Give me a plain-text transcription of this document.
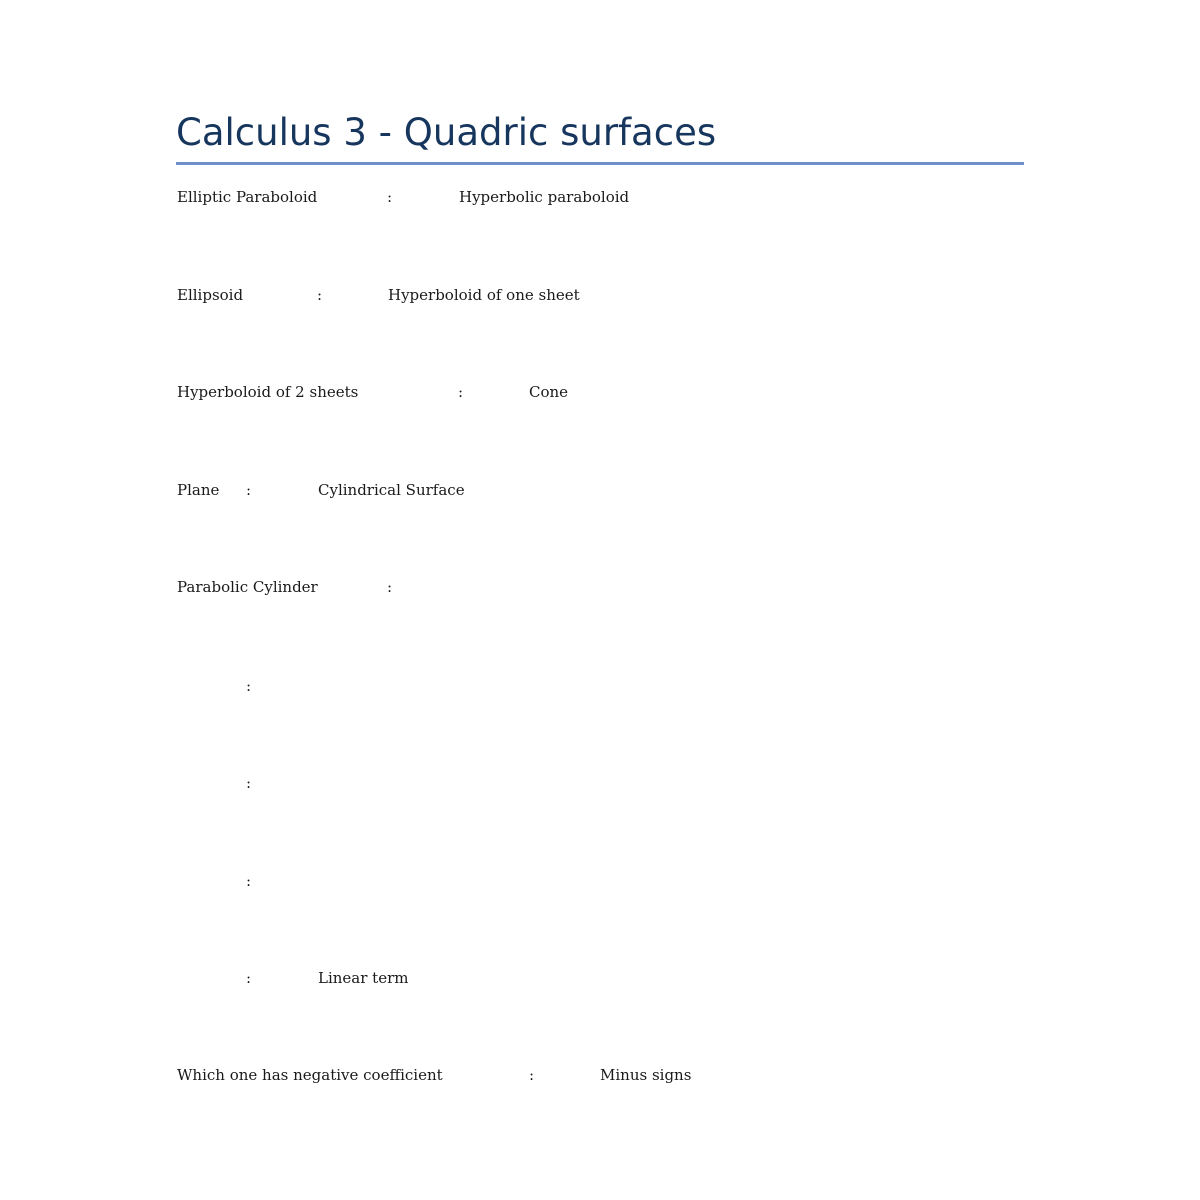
Calculus 3 - Quadric surfaces
Elliptic Paraboloid	:	Hyperbolic paraboloid
Ellipsoid	:	Hyperboloid of one sheet
Hyperboloid of 2 sheets	:	Cone
Plane :	Cylindrical Surface
Parabolic Cylinder	:
:
:
:
:	Linear term
Which one has negative coefficient	:	Minus signs
